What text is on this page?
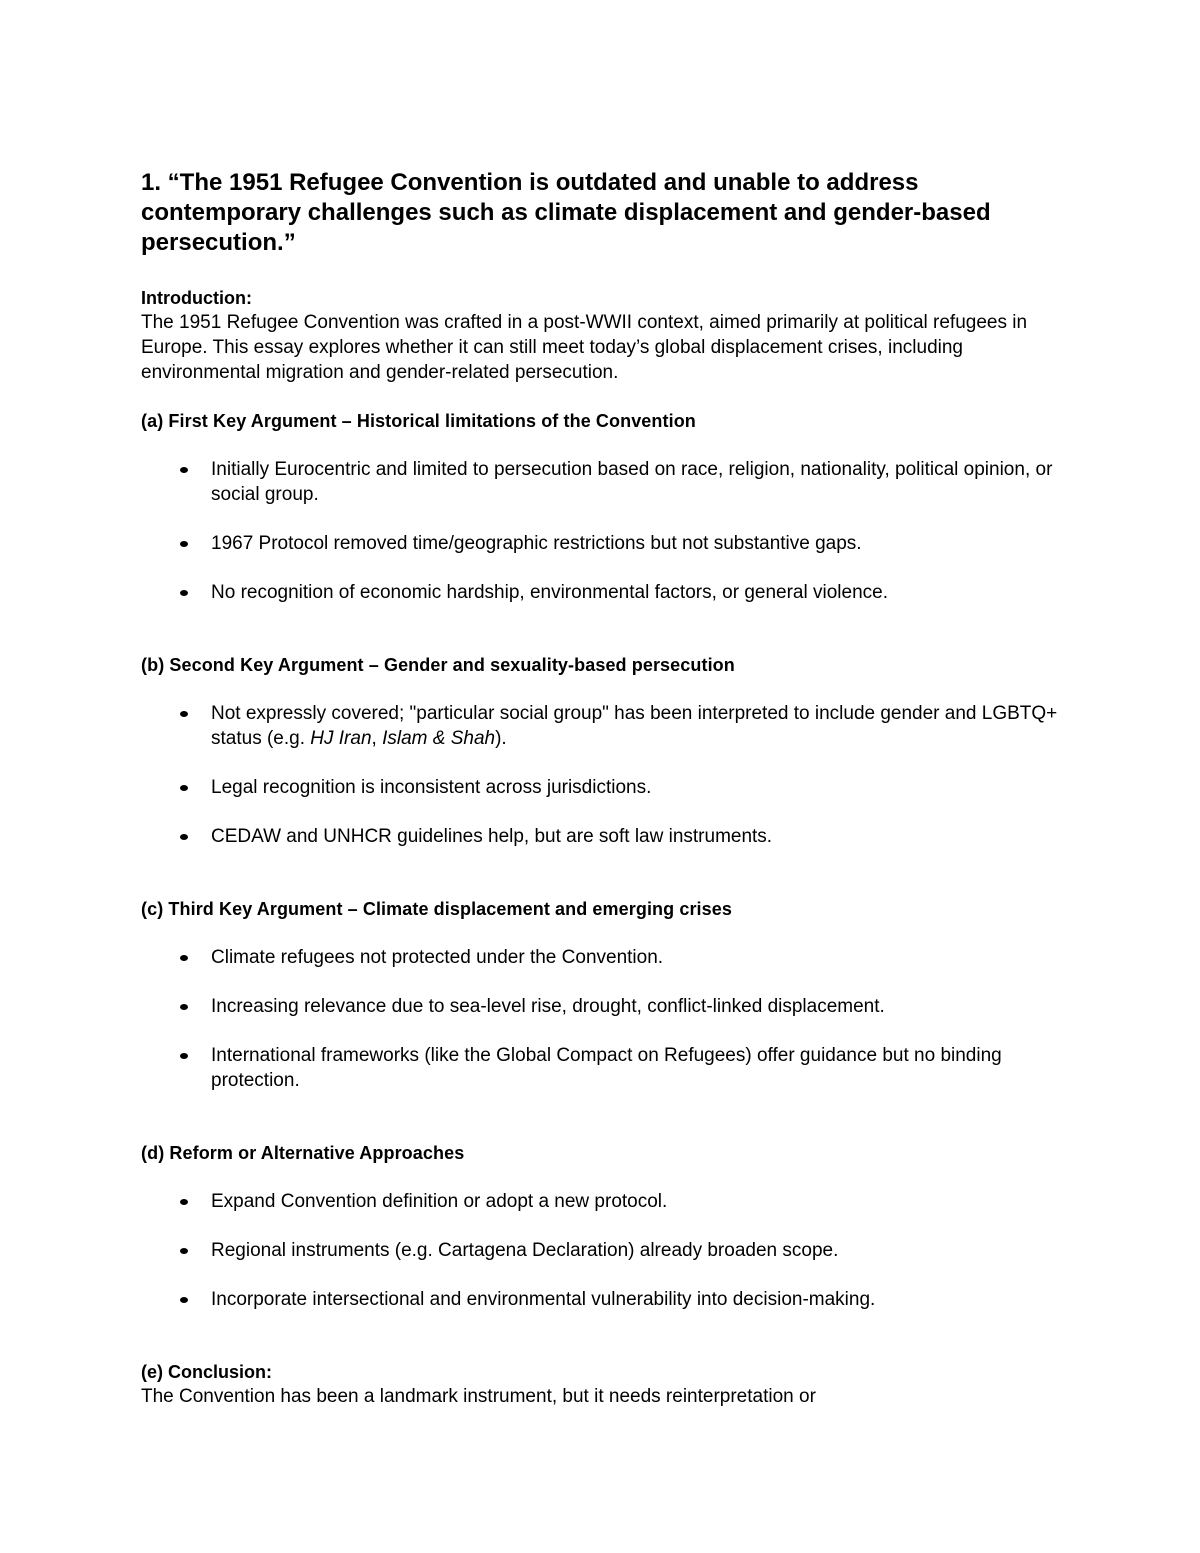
1. “The 1951 Refugee Convention is outdated and unable to address contemporary challenges such as climate displacement and gender-based persecution.”

Introduction:

The 1951 Refugee Convention was crafted in a post-WWII context, aimed primarily at political refugees in Europe. This essay explores whether it can still meet today’s global displacement crises, including environmental migration and gender-related persecution.

(a) First Key Argument – Historical limitations of the Convention
Initially Eurocentric and limited to persecution based on race, religion, nationality, political opinion, or social group.
1967 Protocol removed time/geographic restrictions but not substantive gaps.
No recognition of economic hardship, environmental factors, or general violence.
(b) Second Key Argument – Gender and sexuality-based persecution
Not expressly covered; "particular social group" has been interpreted to include gender and LGBTQ+ status (e.g. HJ Iran, Islam & Shah).
Legal recognition is inconsistent across jurisdictions.
CEDAW and UNHCR guidelines help, but are soft law instruments.
(c) Third Key Argument – Climate displacement and emerging crises
Climate refugees not protected under the Convention.
Increasing relevance due to sea-level rise, drought, conflict-linked displacement.
International frameworks (like the Global Compact on Refugees) offer guidance but no binding protection.
(d) Reform or Alternative Approaches
Expand Convention definition or adopt a new protocol.
Regional instruments (e.g. Cartagena Declaration) already broaden scope.
Incorporate intersectional and environmental vulnerability into decision-making.

(e) Conclusion:

The Convention has been a landmark instrument, but it needs reinterpretation or
